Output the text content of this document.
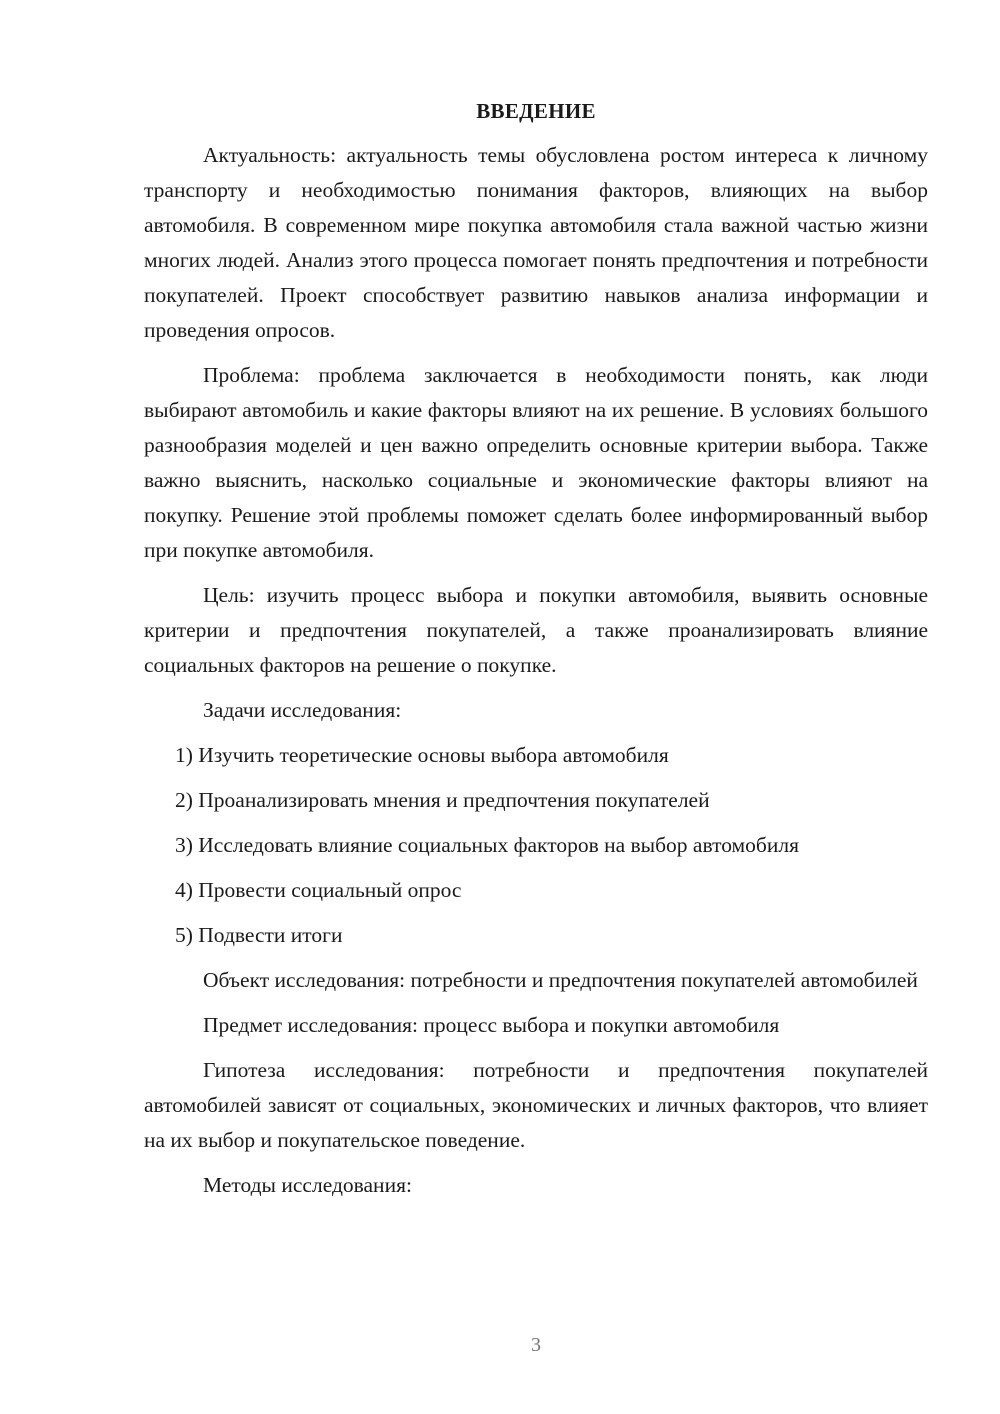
ВВЕДЕНИЕ

Актуальность: актуальность темы обусловлена ростом интереса к личному транспорту и необходимостью понимания факторов, влияющих на выбор автомобиля. В современном мире покупка автомобиля стала важной частью жизни многих людей. Анализ этого процесса помогает понять предпочтения и потребности покупателей. Проект способствует развитию навыков анализа информации и проведения опросов.

Проблема: проблема заключается в необходимости понять, как люди выбирают автомобиль и какие факторы влияют на их решение. В условиях большого разнообразия моделей и цен важно определить основные критерии выбора. Также важно выяснить, насколько социальные и экономические факторы влияют на покупку. Решение этой проблемы поможет сделать более информированный выбор при покупке автомобиля.

Цель: изучить процесс выбора и покупки автомобиля, выявить основные критерии и предпочтения покупателей, а также проанализировать влияние социальных факторов на решение о покупке.

Задачи исследования:

1) Изучить теоретические основы выбора автомобиля
2) Проанализировать мнения и предпочтения покупателей
3) Исследовать влияние социальных факторов на выбор автомобиля
4) Провести социальный опрос
5) Подвести итоги

Объект исследования: потребности и предпочтения покупателей автомобилей

Предмет исследования: процесс выбора и покупки автомобиля

Гипотеза исследования: потребности и предпочтения покупателей автомобилей зависят от социальных, экономических и личных факторов, что влияет на их выбор и покупательское поведение.

Методы исследования:

3
